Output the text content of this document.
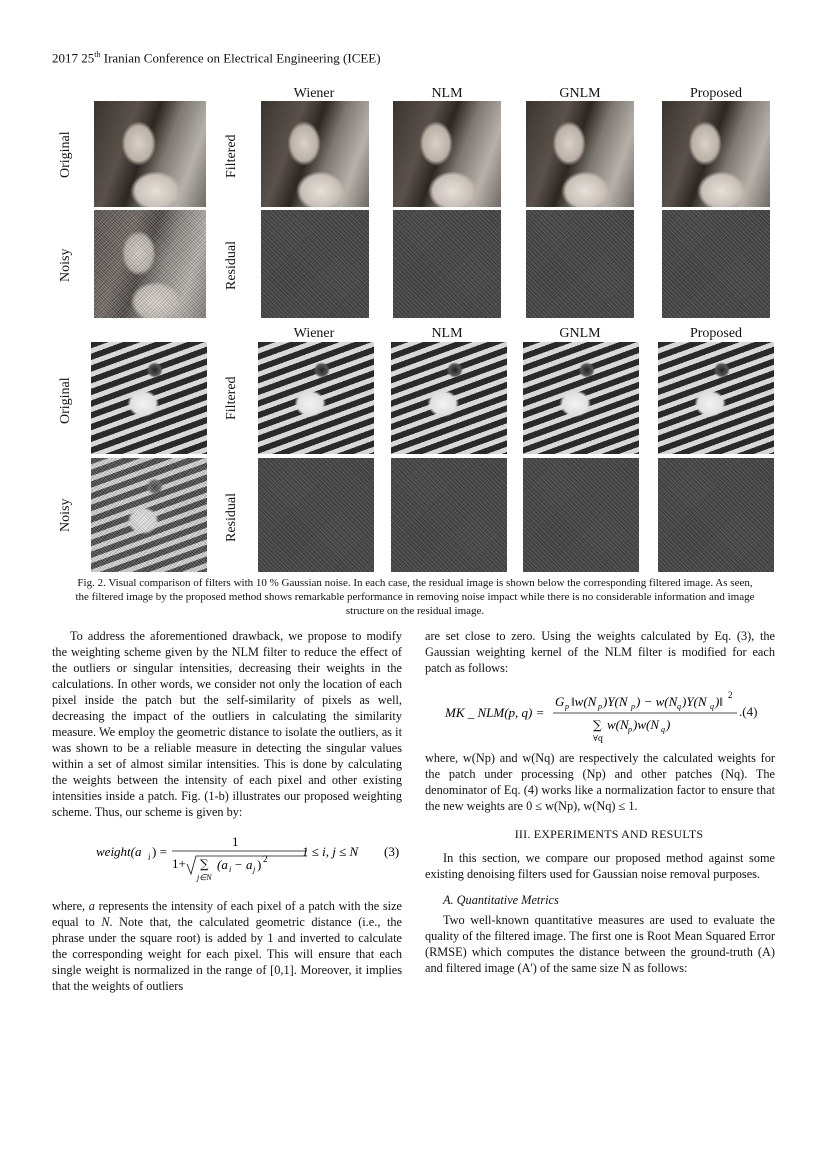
2017 25th Iranian Conference on Electrical Engineering (ICEE)
Wiener	NLM	GNLM	Proposed
Original
Noisy
Filtered
Residual
Wiener	NLM	GNLM	Proposed
Original
Noisy
Filtered
Residual
Fig. 2. Visual comparison of filters with 10 % Gaussian noise. In each case, the residual image is shown below the corresponding filtered image. As seen, the filtered image by the proposed method shows remarkable performance in removing noise impact while there is no considerable information and image structure on the residual image.

To address the aforementioned drawback, we propose to modify the weighting scheme given by the NLM filter to reduce the effect of the outliers or singular intensities, decreasing their weights in the calculations. In other words, we consider not only the location of each pixel inside the patch but the self-similarity of pixels as well, decreasing the impact of the outliers in calculating the similarity measure. We employ the geometric distance to isolate the outliers, as it was shown to be a reliable measure in detecting the singular values within a set of almost similar intensities. This is done by calculating the weights between the intensity of each pixel and other existing intensities inside a patch. Fig. (1-b) illustrates our proposed weighting scheme. Thus, our scheme is given by:

weight(a i ) =
1
1+ ∑
j∈N
(a i − a j ) 2	1 ≤ i, j ≤ N (3)

where, a represents the intensity of each pixel of a patch with the size equal to N. Note that, the calculated geometric distance (i.e., the phrase under the square root) is added by 1 and inverted to calculate the corresponding weight for each pixel. This will ensure that each single weight is normalized in the range of [0,1]. Moreover, it implies that the weights of outliers

are set close to zero. Using the weights calculated by Eq. (3), the Gaussian weighting kernel of the NLM filter is modified for each patch as follows:

MK _ NLM(p, q) =
G p ‖w(N p )Y(N p ) − w(N q )Y(N q )‖ 2
∑
∀q
w(N p )w(N q )
.(4)

where, w(Np) and w(Nq) are respectively the calculated weights for the patch under processing (Np) and other patches (Nq). The denominator of Eq. (4) works like a normalization factor to ensure that the new weights are 0 ≤ w(Np), w(Nq) ≤ 1.

III. EXPERIMENTS AND RESULTS

In this section, we compare our proposed method against some existing denoising filters used for Gaussian noise removal purposes.

A. Quantitative Metrics

Two well-known quantitative measures are used to evaluate the quality of the filtered image. The first one is Root Mean Squared Error (RMSE) which computes the distance between the ground-truth (A) and filtered image (A') of the same size N as follows:
